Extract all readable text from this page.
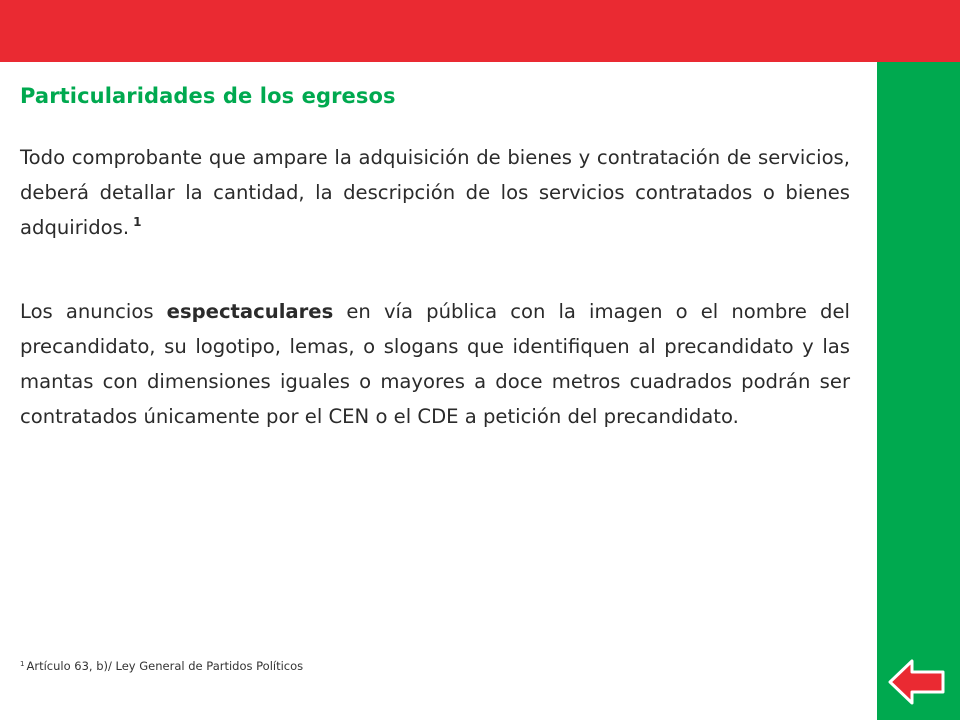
Particularidades de los egresos

Todo comprobante que ampare la adquisición de bienes y contratación de servicios, deberá detallar la cantidad, la descripción de los servicios contratados o bienes adquiridos. $^1$

Los anuncios espectaculares en vía pública con la imagen o el nombre del precandidato, su logotipo, lemas, o slogans que identifiquen al precandidato y las mantas con dimensiones iguales o mayores a doce metros cuadrados podrán ser contratados únicamente por el CEN o el CDE a petición del precandidato.

$^1$ Artículo 63, b)/ Ley General de Partidos Políticos
